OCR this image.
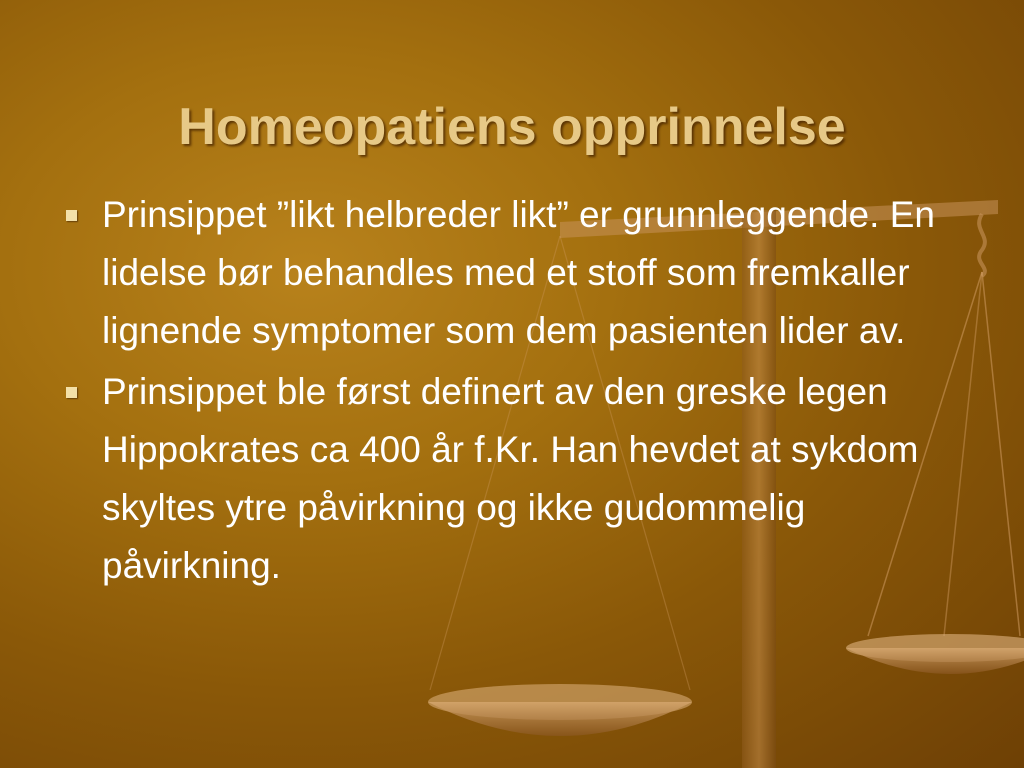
Homeopatiens opprinnelse
Prinsippet ”likt helbreder likt” er grunnleggende. En lidelse bør behandles med et stoff som fremkaller lignende symptomer som dem pasienten lider av.
Prinsippet ble først definert av den greske legen Hippokrates ca 400 år f.Kr. Han hevdet at sykdom skyltes ytre påvirkning og ikke gudommelig påvirkning.
